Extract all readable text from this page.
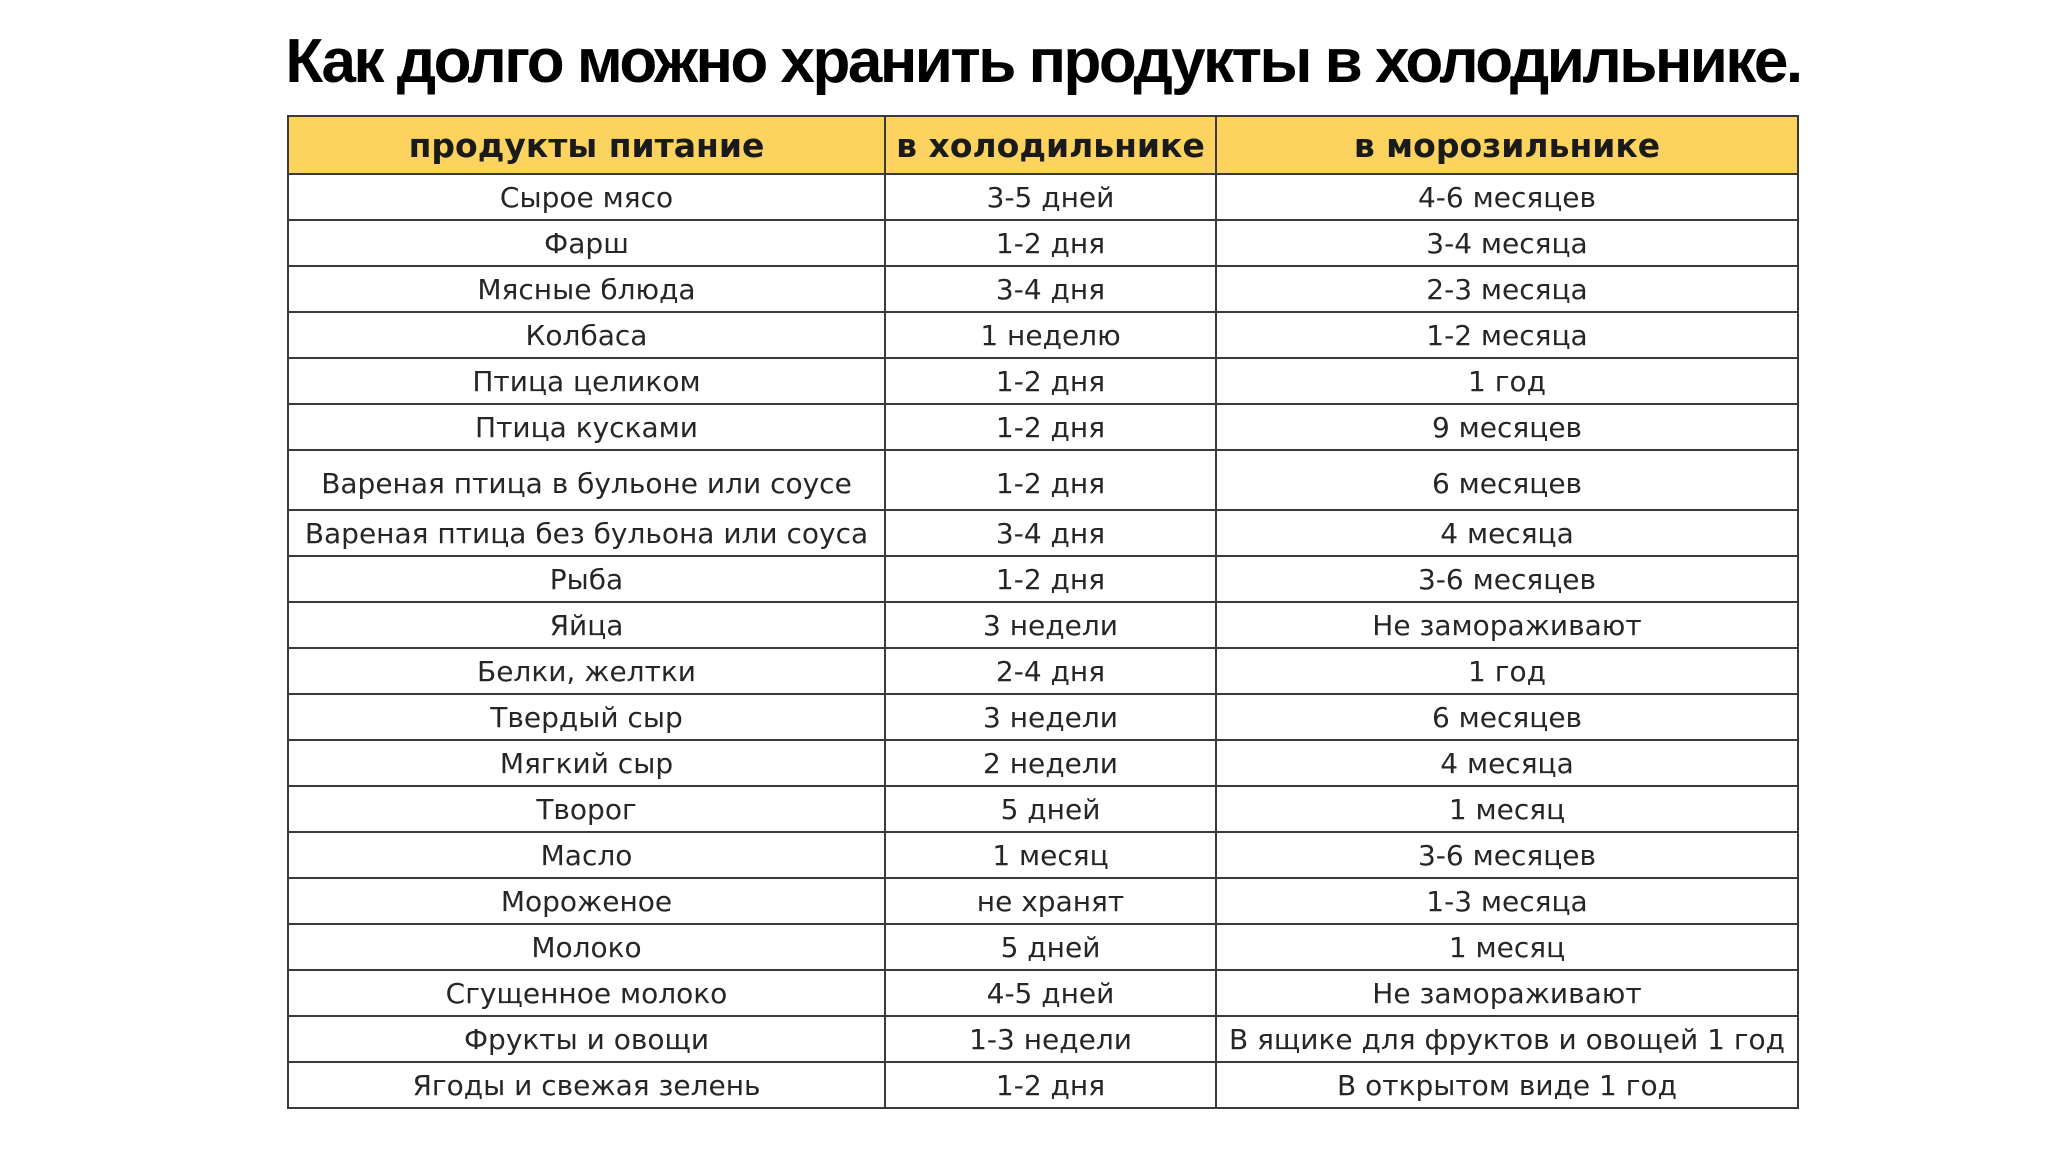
Как долго можно хранить продукты в холодильнике.
продукты питание	в холодильнике	в морозильнике
Сырое мясо	3-5 дней	4-6 месяцев
Фарш	1-2 дня	3-4 месяца
Мясные блюда	3-4 дня	2-3 месяца
Колбаса	1 неделю	1-2 месяца
Птица целиком	1-2 дня	1 год
Птица кусками	1-2 дня	9 месяцев
Вареная птица в бульоне или соусе	1-2 дня	6 месяцев
Вареная птица без бульона или соуса	3-4 дня	4 месяца
Рыба	1-2 дня	3-6 месяцев
Яйца	3 недели	Не замораживают
Белки, желтки	2-4 дня	1 год
Твердый сыр	3 недели	6 месяцев
Мягкий сыр	2 недели	4 месяца
Творог	5 дней	1 месяц
Масло	1 месяц	3-6 месяцев
Мороженое	не хранят	1-3 месяца
Молоко	5 дней	1 месяц
Сгущенное молоко	4-5 дней	Не замораживают
Фрукты и овощи	1-3 недели	В ящике для фруктов и овощей 1 год
Ягоды и свежая зелень	1-2 дня	В открытом виде 1 год
